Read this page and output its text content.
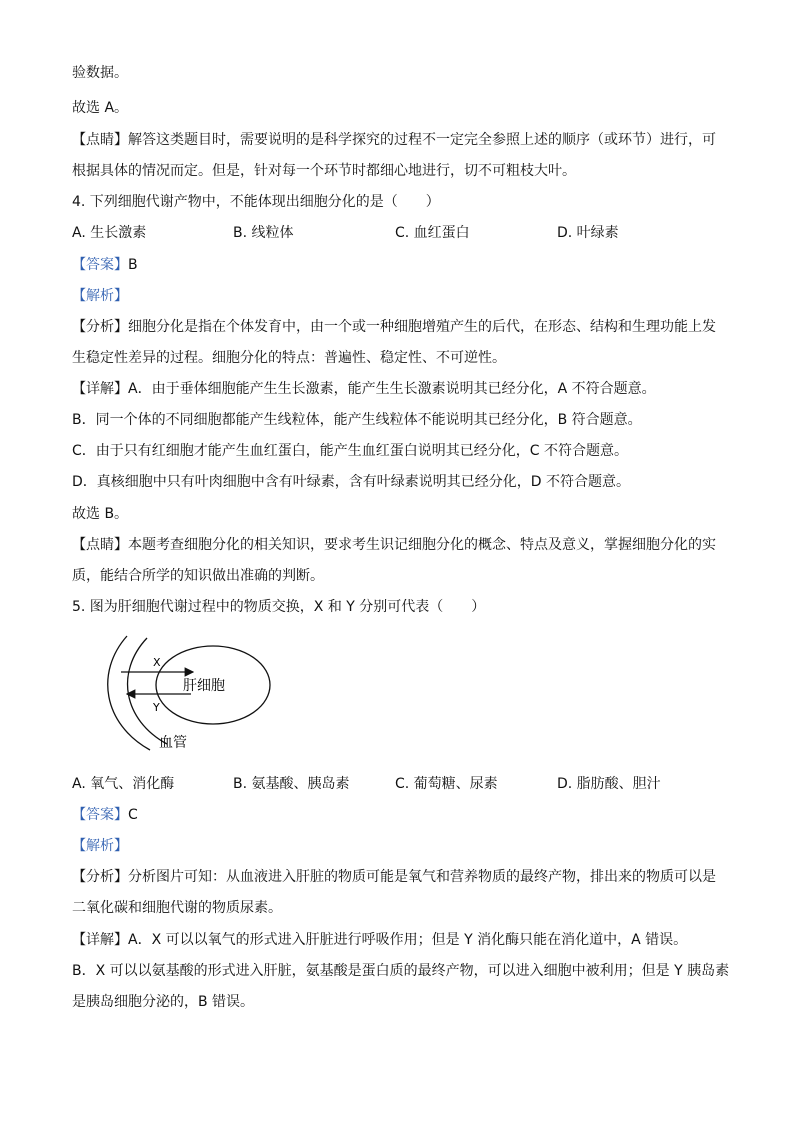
验数据。
故选 A。
【点睛】解答这类题目时，需要说明的是科学探究的过程不一定完全参照上述的顺序（或环节）进行，可
根据具体的情况而定。但是，针对每一个环节时都细心地进行，切不可粗枝大叶。
4. 下列细胞代谢产物中，不能体现出细胞分化的是（　　）
A. 生长激素	B. 线粒体	C. 血红蛋白	D. 叶绿素
【答案】B
【解析】
【分析】细胞分化是指在个体发育中，由一个或一种细胞增殖产生的后代，在形态、结构和生理功能上发
生稳定性差异的过程。细胞分化的特点：普遍性、稳定性、不可逆性。
【详解】A．由于垂体细胞能产生生长激素，能产生生长激素说明其已经分化，A 不符合题意。
B．同一个体的不同细胞都能产生线粒体，能产生线粒体不能说明其已经分化，B 符合题意。
C．由于只有红细胞才能产生血红蛋白，能产生血红蛋白说明其已经分化，C 不符合题意。
D．真核细胞中只有叶肉细胞中含有叶绿素，含有叶绿素说明其已经分化，D 不符合题意。
故选 B。
【点睛】本题考查细胞分化的相关知识，要求考生识记细胞分化的概念、特点及意义，掌握细胞分化的实
质，能结合所学的知识做出准确的判断。
5. 图为肝细胞代谢过程中的物质交换，X 和 Y 分别可代表（　　）
X
Y
肝细胞
血管
A. 氧气、消化酶	B. 氨基酸、胰岛素	C. 葡萄糖、尿素	D. 脂肪酸、胆汁
【答案】C
【解析】
【分析】分析图片可知：从血液进入肝脏的物质可能是氧气和营养物质的最终产物，排出来的物质可以是
二氧化碳和细胞代谢的物质尿素。
【详解】A．X 可以以氧气的形式进入肝脏进行呼吸作用；但是 Y 消化酶只能在消化道中，A 错误。
B．X 可以以氨基酸的形式进入肝脏，氨基酸是蛋白质的最终产物，可以进入细胞中被利用；但是 Y 胰岛素
是胰岛细胞分泌的，B 错误。
